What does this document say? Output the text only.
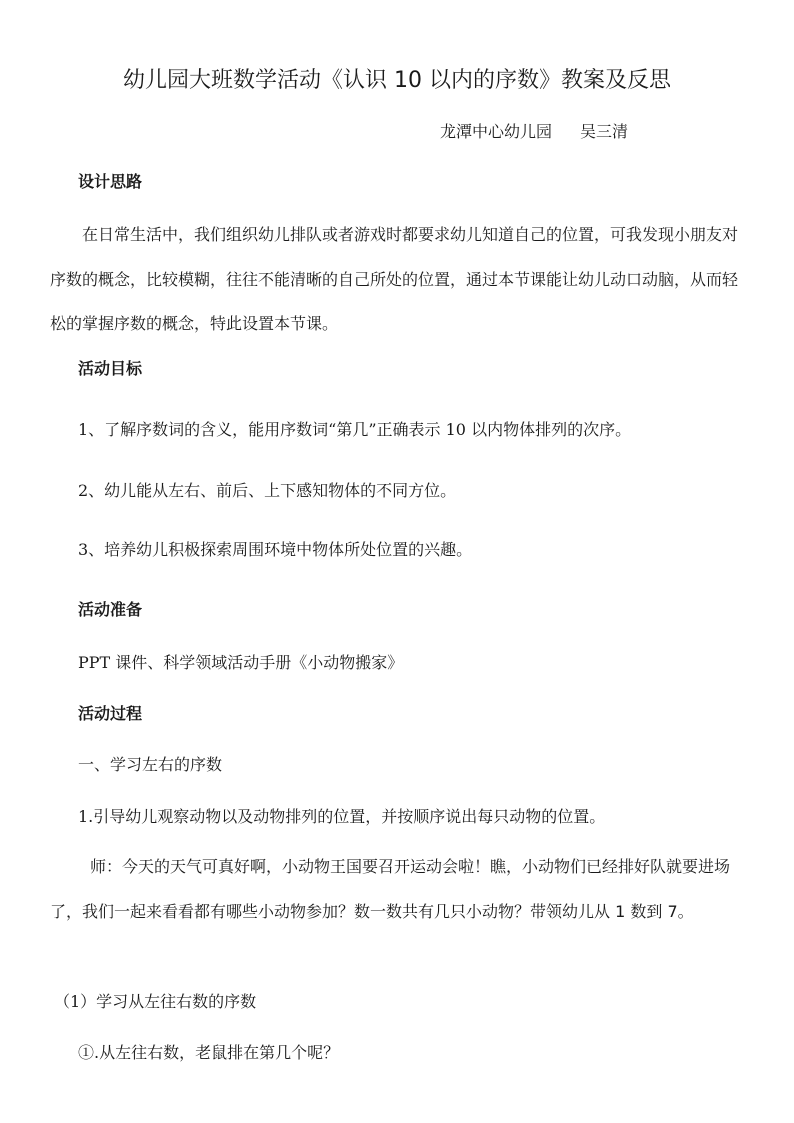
幼儿园大班数学活动《认识 10 以内的序数》教案及反思
龙潭中心幼儿园 吴三清
设计思路
在日常生活中，我们组织幼儿排队或者游戏时都要求幼儿知道自己的位置，可我发现小朋友对序数的概念，比较模糊，往往不能清晰的自己所处的位置，通过本节课能让幼儿动口动脑，从而轻松的掌握序数的概念，特此设置本节课。
活动目标
1、了解序数词的含义，能用序数词“第几”正确表示 10 以内物体排列的次序。
2、幼儿能从左右、前后、上下感知物体的不同方位。
3、培养幼儿积极探索周围环境中物体所处位置的兴趣。
活动准备
PPT 课件、科学领域活动手册《小动物搬家》
活动过程
一、学习左右的序数
1.引导幼儿观察动物以及动物排列的位置，并按顺序说出每只动物的位置。
师：今天的天气可真好啊，小动物王国要召开运动会啦！瞧，小动物们已经排好队就要进场了，我们一起来看看都有哪些小动物参加？数一数共有几只小动物？带领幼儿从 1 数到 7。
（1）学习从左往右数的序数
①.从左往右数，老鼠排在第几个呢？
